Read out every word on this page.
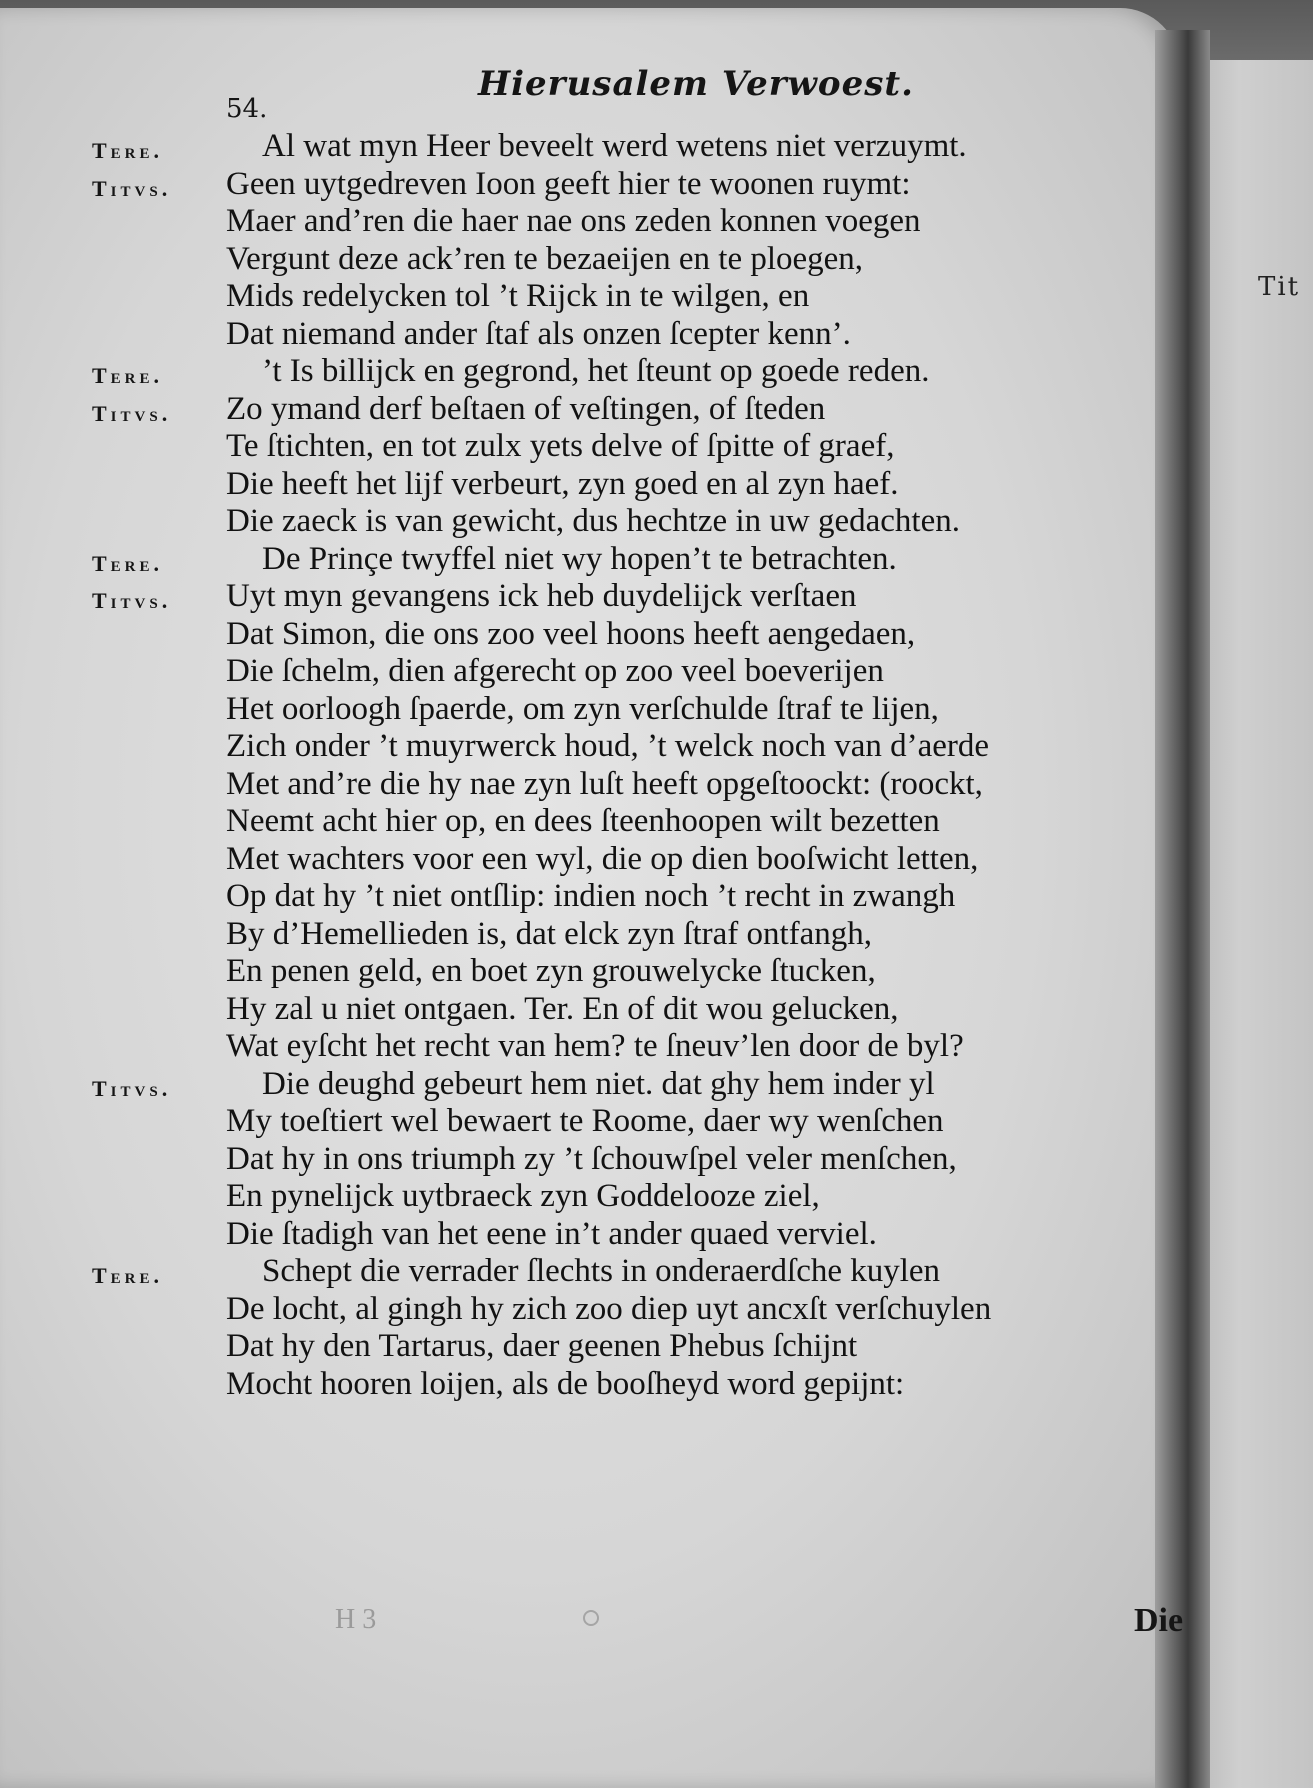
Tit
54.
Hierusalem Verwoest.
Tere.	Al wat myn Heer beveelt werd wetens niet verzuymt.
Titvs. Geen uytgedreven Ioon geeft hier te woonen ruymt:
Maer and’ren die haer nae ons zeden konnen voegen
Vergunt deze ack’ren te bezaeijen en te ploegen,
Mids redelycken tol ’t Rijck in te wilgen, en
Dat niemand ander ſtaf als onzen ſcepter kenn’.
Tere.	’t Is billijck en gegrond, het ſteunt op goede reden.
Titvs. Zo ymand derf beſtaen of veſtingen, of ſteden
Te ſtichten, en tot zulx yets delve of ſpitte of graef,
Die heeft het lijf verbeurt, zyn goed en al zyn haef.
Die zaeck is van gewicht, dus hechtze in uw gedachten.
Tere.	De Prinçe twyffel niet wy hopen’t te betrachten.
Titvs. Uyt myn gevangens ick heb duydelijck verſtaen
Dat Simon, die ons zoo veel hoons heeft aengedaen,
Die ſchelm, dien afgerecht op zoo veel boeverijen
Het oorloogh ſpaerde, om zyn verſchulde ſtraf te lijen,
Zich onder ’t muyrwerck houd, ’t welck noch van d’aerde
Met and’re die hy nae zyn luſt heeft opgeſtoockt: (roockt,
Neemt acht hier op, en dees ſteenhoopen wilt bezetten
Met wachters voor een wyl, die op dien booſwicht letten,
Op dat hy ’t niet ontſlip: indien noch ’t recht in zwangh
By d’Hemellieden is, dat elck zyn ſtraf ontfangh,
En penen geld, en boet zyn grouwelycke ſtucken,
Hy zal u niet ontgaen. Ter. En of dit wou gelucken,
Wat eyſcht het recht van hem? te ſneuv’len door de byl?
Titvs.	Die deughd gebeurt hem niet. dat ghy hem inder yl
My toeſtiert wel bewaert te Roome, daer wy wenſchen
Dat hy in ons triumph zy ’t ſchouwſpel veler menſchen,
En pynelijck uytbraeck zyn Goddelooze ziel,
Die ſtadigh van het eene in’t ander quaed verviel.
Tere.	Schept die verrader ſlechts in onderaerdſche kuylen
De locht, al gingh hy zich zoo diep uyt ancxſt verſchuylen
Dat hy den Tartarus, daer geenen Phebus ſchijnt
Mocht hooren loijen, als de booſheyd word gepijnt:
H 3	Die
